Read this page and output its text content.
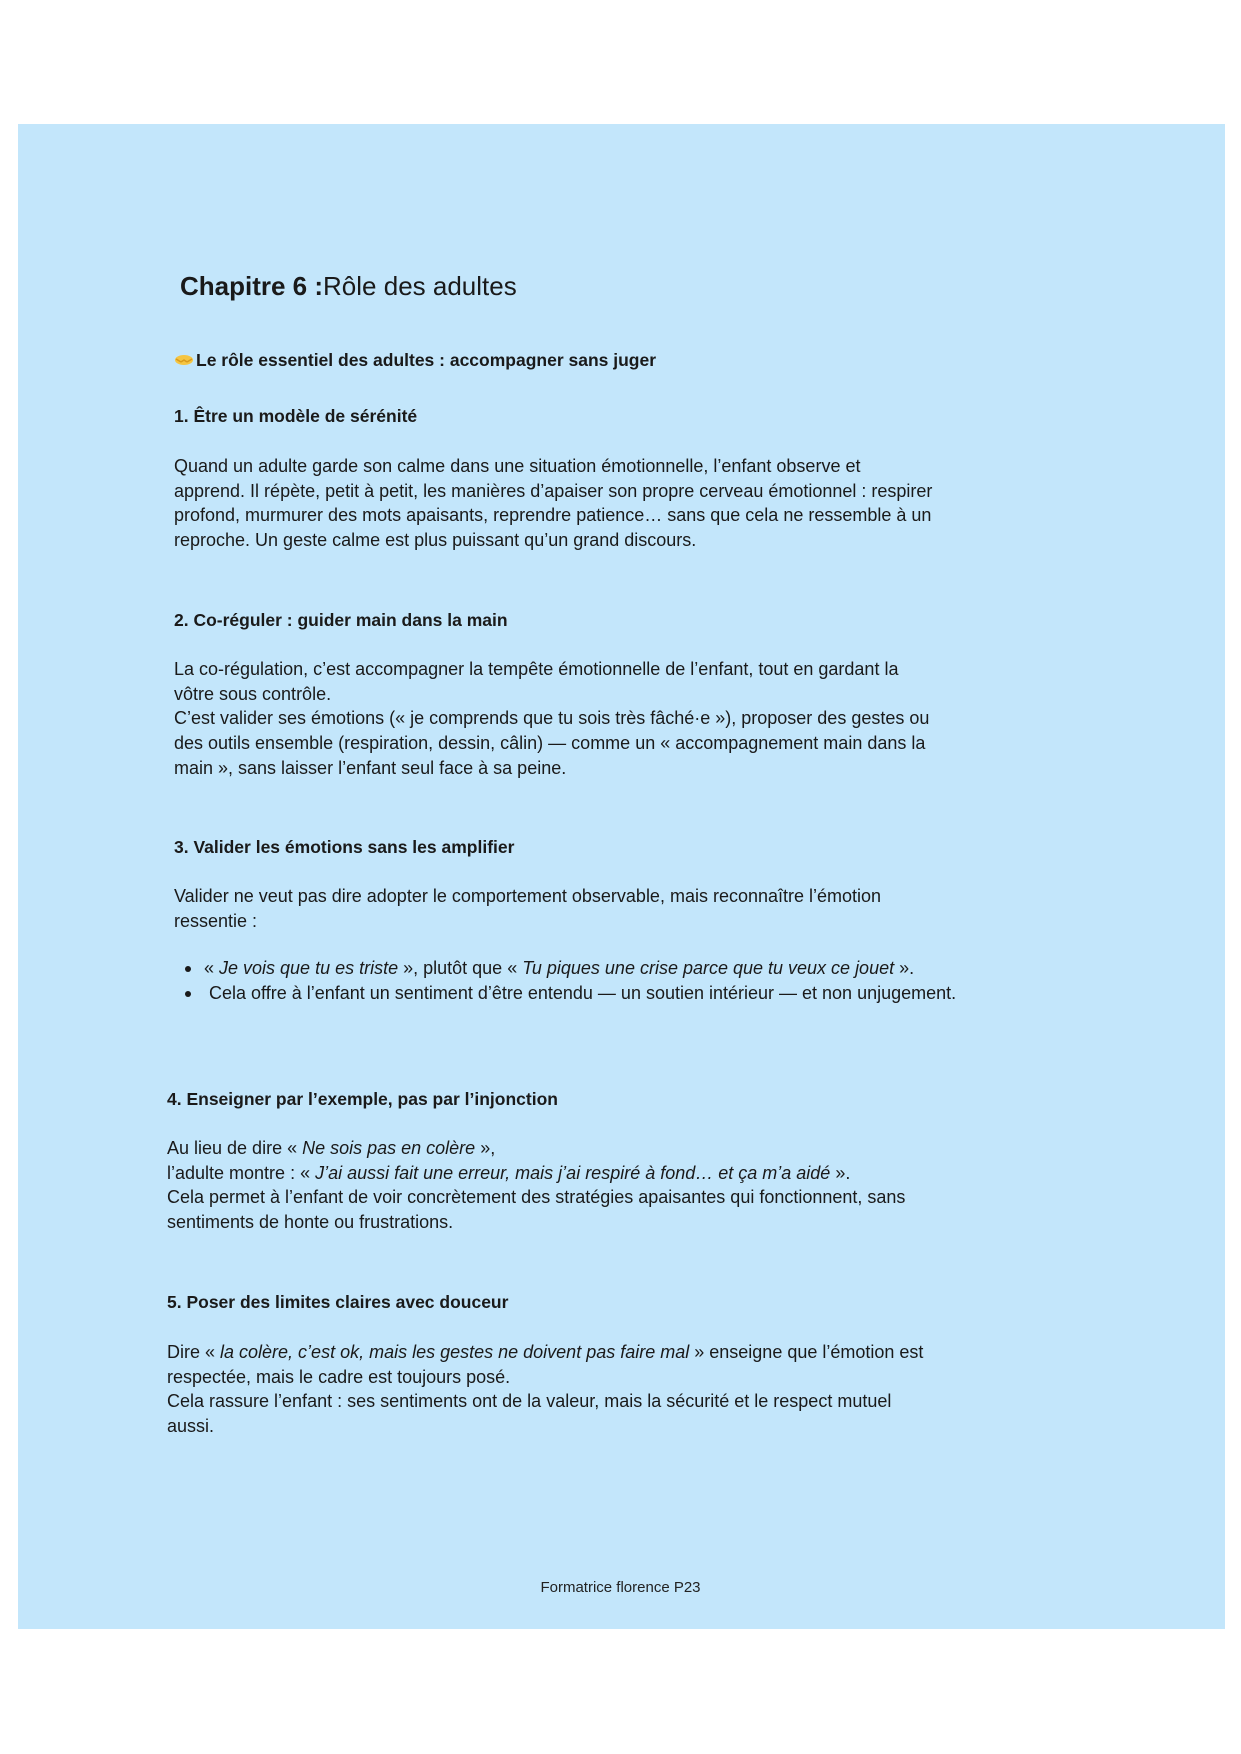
Chapitre 6 :Rôle des adultes
Le rôle essentiel des adultes : accompagner sans juger
1. Être un modèle de sérénité
Quand un adulte garde son calme dans une situation émotionnelle, l’enfant observe et
apprend. Il répète, petit à petit, les manières d’apaiser son propre cerveau émotionnel : respirer
profond, murmurer des mots apaisants, reprendre patience… sans que cela ne ressemble à un
reproche. Un geste calme est plus puissant qu’un grand discours.
2. Co-réguler : guider main dans la main
La co-régulation, c’est accompagner la tempête émotionnelle de l’enfant, tout en gardant la
vôtre sous contrôle.
C’est valider ses émotions (« je comprends que tu sois très fâché·e »), proposer des gestes ou
des outils ensemble (respiration, dessin, câlin) — comme un « accompagnement main dans la
main », sans laisser l’enfant seul face à sa peine.
3. Valider les émotions sans les amplifier
Valider ne veut pas dire adopter le comportement observable, mais reconnaître l’émotion
ressentie :
« Je vois que tu es triste », plutôt que « Tu piques une crise parce que tu veux ce jouet ».
Cela offre à l’enfant un sentiment d’être entendu — un soutien intérieur — et non unjugement.
4. Enseigner par l’exemple, pas par l’injonction
Au lieu de dire « Ne sois pas en colère »,
l’adulte montre : « J’ai aussi fait une erreur, mais j’ai respiré à fond… et ça m’a aidé ».
Cela permet à l’enfant de voir concrètement des stratégies apaisantes qui fonctionnent, sans
sentiments de honte ou frustrations.
5. Poser des limites claires avec douceur
Dire « la colère, c’est ok, mais les gestes ne doivent pas faire mal » enseigne que l’émotion est
respectée, mais le cadre est toujours posé.
Cela rassure l’enfant : ses sentiments ont de la valeur, mais la sécurité et le respect mutuel
aussi.
Formatrice florence P23
